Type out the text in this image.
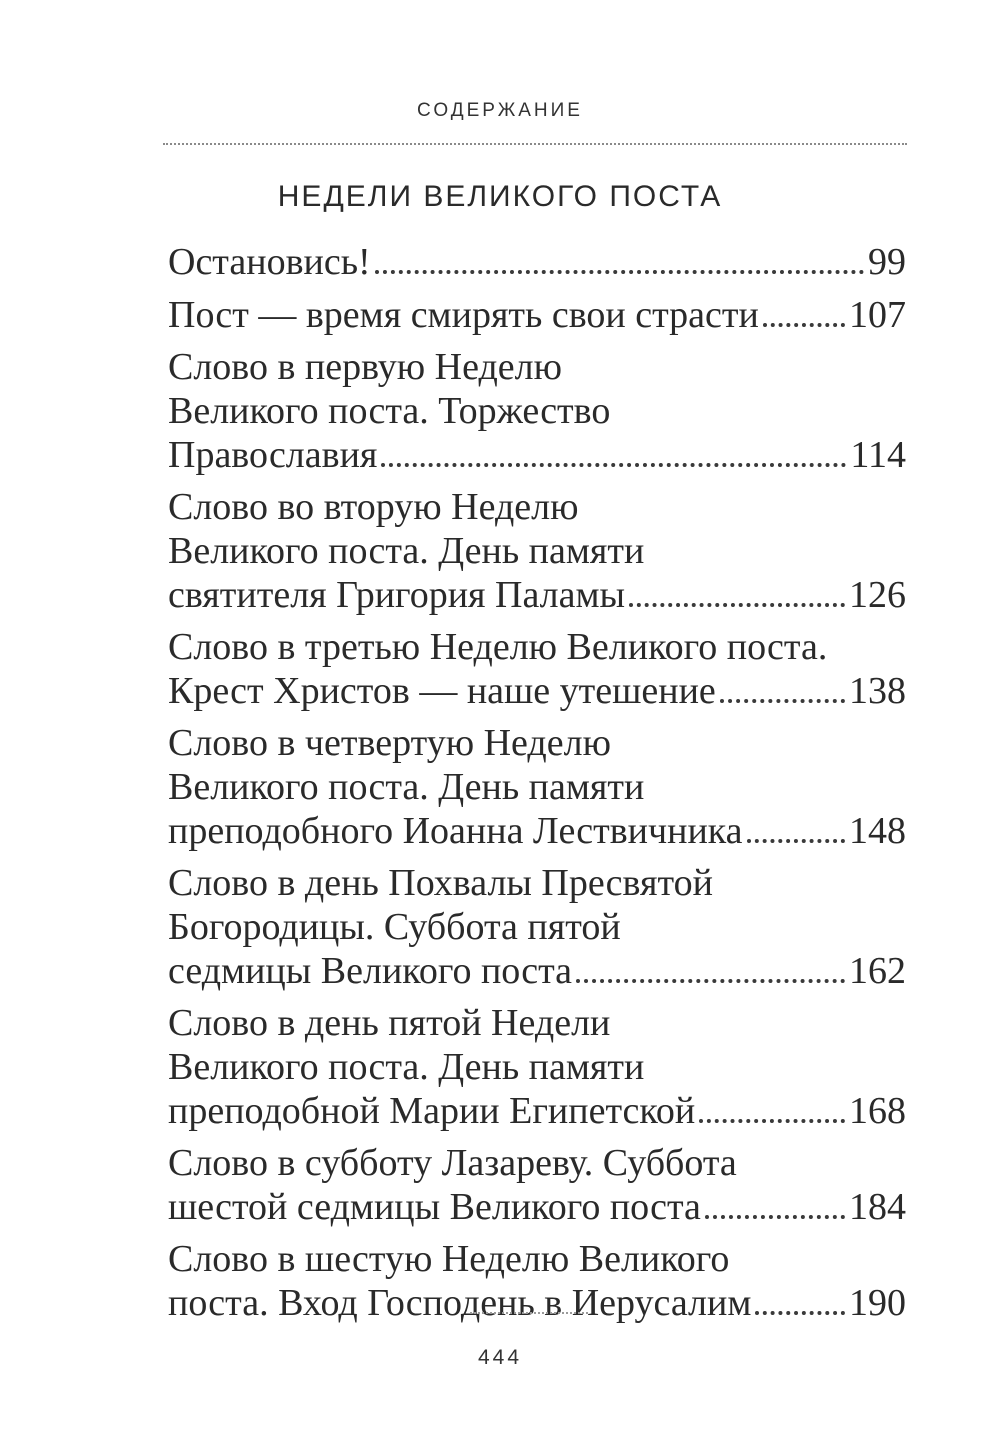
СОДЕРЖАНИЕ
НЕДЕЛИ ВЕЛИКОГО ПОСТА
Остановись!	99
Пост — время смирять свои страсти 107
Слово в первую Неделю
Великого поста. Торжество
Православия	114
Слово во вторую Неделю
Великого поста. День памяти
святителя Григория Паламы	126
Слово в третью Неделю Великого поста.
Крест Христов — наше утешение	138
Слово в четвертую Неделю
Великого поста. День памяти
преподобного Иоанна Лествичника	148
Слово в день Похвалы Пресвятой
Богородицы. Суббота пятой
седмицы Великого поста	162
Слово в день пятой Недели
Великого поста. День памяти
преподобной Марии Египетской	168
Слово в субботу Лазареву. Суббота
шестой седмицы Великого поста	184
Слово в шестую Неделю Великого
поста. Вход Господень в Иерусалим	190
444
